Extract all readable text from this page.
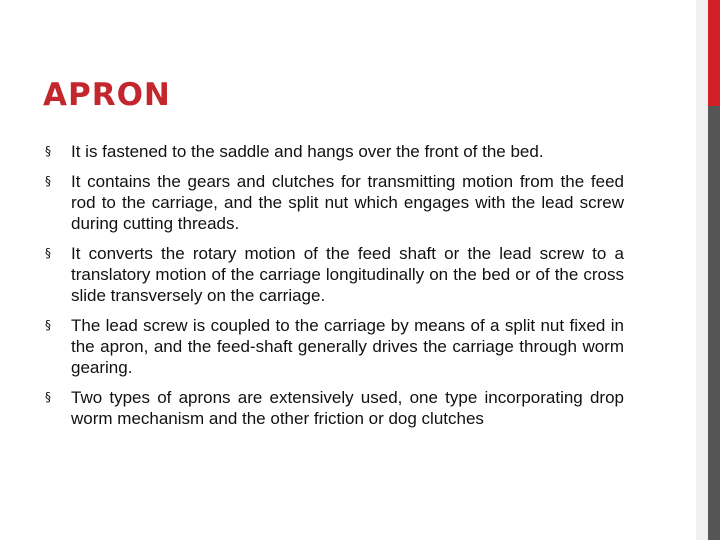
APRON
§ It is fastened to the saddle and hangs over the front of the bed.
§ It contains the gears and clutches for transmitting motion from the feed rod to the carriage, and the split nut which engages with the lead screw during cutting threads.
§ It converts the rotary motion of the feed shaft or the lead screw to a translatory motion of the carriage longitudinally on the bed or of the cross slide transversely on the carriage.
§ The lead screw is coupled to the carriage by means of a split nut fixed in the apron, and the feed-shaft generally drives the carriage through worm gearing.
§ Two types of aprons are extensively used, one type incorporating drop worm mechanism and the other friction or dog clutches
